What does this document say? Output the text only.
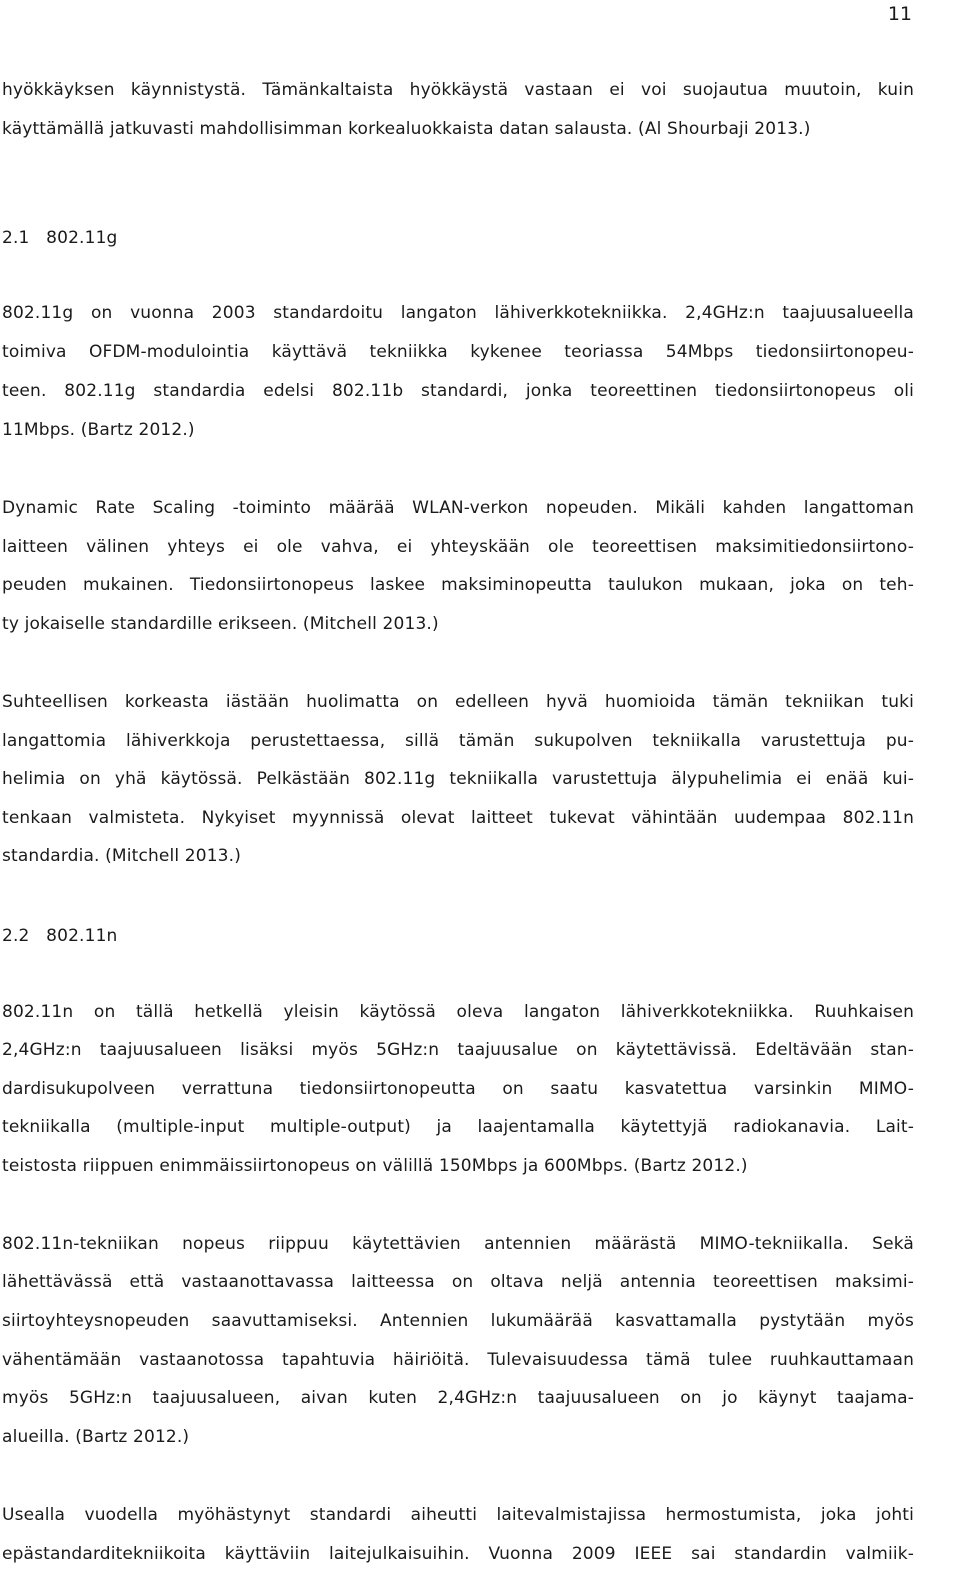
11
hyökkäyksen käynnistystä. Tämänkaltaista hyökkäystä vastaan ei voi suojautua muutoin, kuin
käyttämällä jatkuvasti mahdollisimman korkealuokkaista datan salausta. (Al Shourbaji 2013.)
2.1   802.11g
802.11g on vuonna 2003 standardoitu langaton lähiverkkotekniikka. 2,4GHz:n taajuusalueella
toimiva OFDM-modulointia käyttävä tekniikka kykenee teoriassa 54Mbps tiedonsiirtonopeu-
teen. 802.11g standardia edelsi 802.11b standardi, jonka teoreettinen tiedonsiirtonopeus oli
11Mbps. (Bartz 2012.)
Dynamic Rate Scaling -toiminto määrää WLAN-verkon nopeuden. Mikäli kahden langattoman
laitteen välinen yhteys ei ole vahva, ei yhteyskään ole teoreettisen maksimitiedonsiirtono-
peuden mukainen. Tiedonsiirtonopeus laskee maksiminopeutta taulukon mukaan, joka on teh-
ty jokaiselle standardille erikseen. (Mitchell 2013.)
Suhteellisen korkeasta iästään huolimatta on edelleen hyvä huomioida tämän tekniikan tuki
langattomia lähiverkkoja perustettaessa, sillä tämän sukupolven tekniikalla varustettuja pu-
helimia on yhä käytössä. Pelkästään 802.11g tekniikalla varustettuja älypuhelimia ei enää kui-
tenkaan valmisteta. Nykyiset myynnissä olevat laitteet tukevat vähintään uudempaa 802.11n
standardia. (Mitchell 2013.)
2.2   802.11n
802.11n on tällä hetkellä yleisin käytössä oleva langaton lähiverkkotekniikka. Ruuhkaisen
2,4GHz:n taajuusalueen lisäksi myös 5GHz:n taajuusalue on käytettävissä. Edeltävään stan-
dardisukupolveen verrattuna tiedonsiirtonopeutta on saatu kasvatettua varsinkin MIMO-
tekniikalla (multiple-input multiple-output) ja laajentamalla käytettyjä radiokanavia. Lait-
teistosta riippuen enimmäissiirtonopeus on välillä 150Mbps ja 600Mbps. (Bartz 2012.)
802.11n-tekniikan nopeus riippuu käytettävien antennien määrästä MIMO-tekniikalla. Sekä
lähettävässä että vastaanottavassa laitteessa on oltava neljä antennia teoreettisen maksimi-
siirtoyhteysnopeuden saavuttamiseksi. Antennien lukumäärää kasvattamalla pystytään myös
vähentämään vastaanotossa tapahtuvia häiriöitä. Tulevaisuudessa tämä tulee ruuhkauttamaan
myös 5GHz:n taajuusalueen, aivan kuten 2,4GHz:n taajuusalueen on jo käynyt taajama-
alueilla. (Bartz 2012.)
Usealla vuodella myöhästynyt standardi aiheutti laitevalmistajissa hermostumista, joka johti
epästandarditekniikoita käyttäviin laitejulkaisuihin. Vuonna 2009 IEEE sai standardin valmiik-
